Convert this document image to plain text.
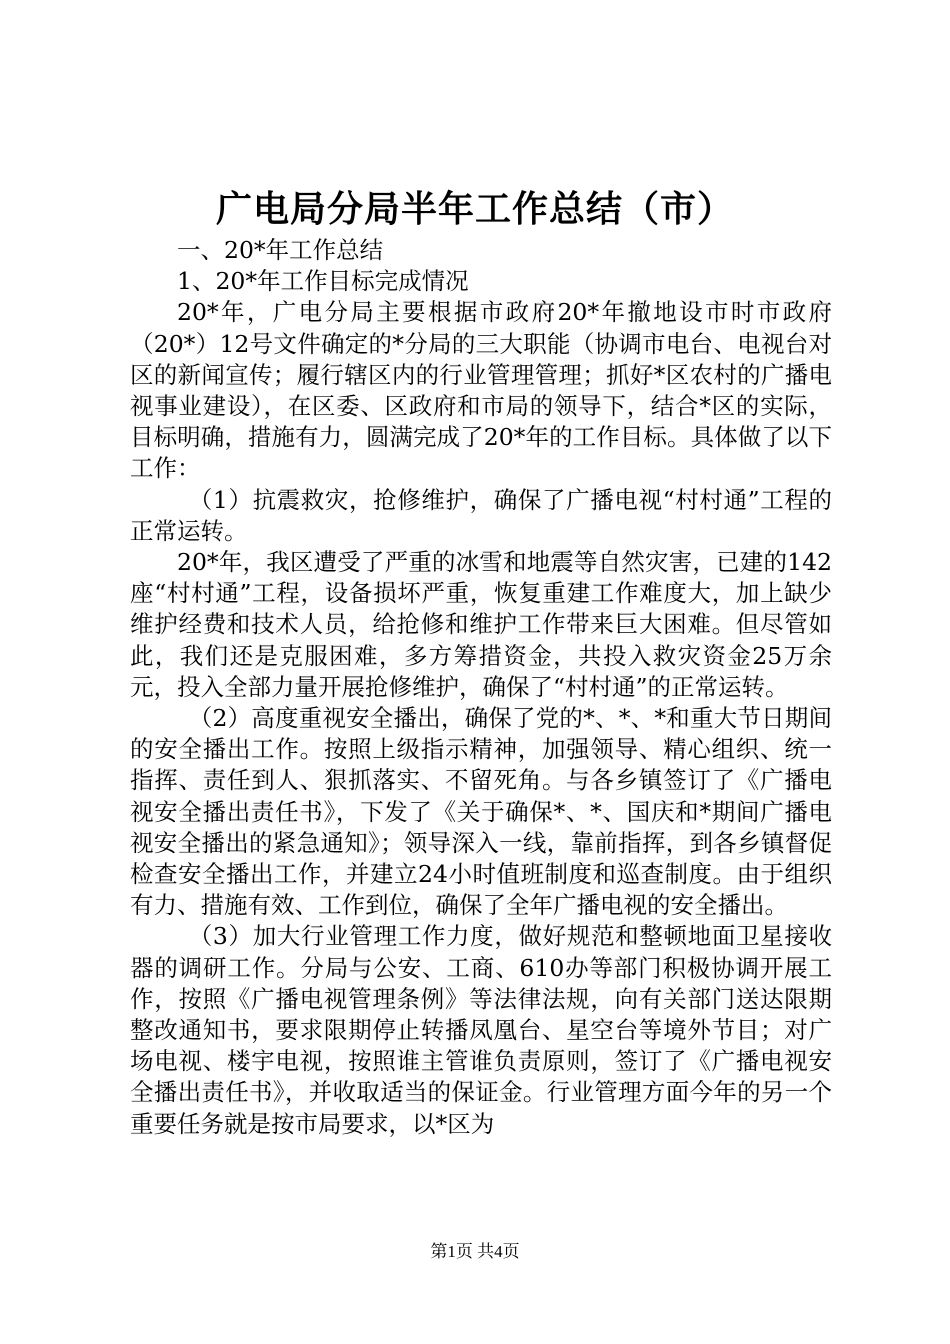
广电局分局半年工作总结（市）

一、20*年工作总结

1、20*年工作目标完成情况

20*年，广电分局主要根据市政府20*年撤地设市时市政府（20*）12号文件确定的*分局的三大职能（协调市电台、电视台对区的新闻宣传；履行辖区内的行业管理管理；抓好*区农村的广播电视事业建设），在区委、区政府和市局的领导下，结合*区的实际，目标明确，措施有力，圆满完成了20*年的工作目标。具体做了以下工作：

（1）抗震救灾，抢修维护，确保了广播电视“村村通”工程的正常运转。

20*年，我区遭受了严重的冰雪和地震等自然灾害，已建的142座“村村通”工程，设备损坏严重，恢复重建工作难度大，加上缺少维护经费和技术人员，给抢修和维护工作带来巨大困难。但尽管如此，我们还是克服困难，多方筹措资金，共投入救灾资金25万余元，投入全部力量开展抢修维护，确保了“村村通”的正常运转。

（2）高度重视安全播出，确保了党的*、*、*和重大节日期间的安全播出工作。按照上级指示精神，加强领导、精心组织、统一指挥、责任到人、狠抓落实、不留死角。与各乡镇签订了《广播电视安全播出责任书》，下发了《关于确保*、*、国庆和*期间广播电视安全播出的紧急通知》；领导深入一线，靠前指挥，到各乡镇督促检查安全播出工作，并建立24小时值班制度和巡查制度。由于组织有力、措施有效、工作到位，确保了全年广播电视的安全播出。

（3）加大行业管理工作力度，做好规范和整顿地面卫星接收器的调研工作。分局与公安、工商、610办等部门积极协调开展工作，按照《广播电视管理条例》等法律法规，向有关部门送达限期整改通知书，要求限期停止转播凤凰台、星空台等境外节目；对广场电视、楼宇电视，按照谁主管谁负责原则，签订了《广播电视安全播出责任书》，并收取适当的保证金。行业管理方面今年的另一个重要任务就是按市局要求，以*区为

第1页 共4页
